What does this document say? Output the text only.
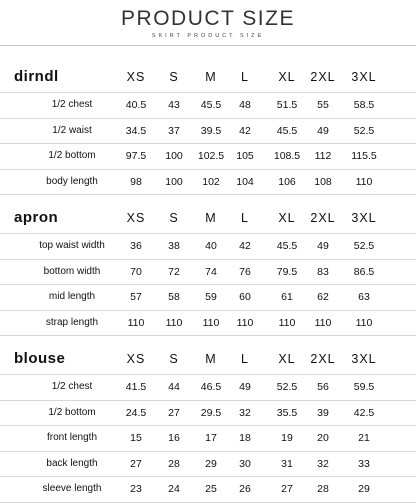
PRODUCT SIZE
SKIRT PRODUCT SIZE
dirndl	XS	S	M	L	XL	2XL	3XL
1/2 chest	40.5	43	45.5	48	51.5	55	58.5
1/2 waist	34.5	37	39.5	42	45.5	49	52.5
1/2 bottom	97.5	100	102.5	105	108.5	112	115.5
body length	98	100	102	104	106	108	110
apron	XS	S	M	L	XL	2XL	3XL
top waist width	36	38	40	42	45.5	49	52.5
bottom width	70	72	74	76	79.5	83	86.5
mid length	57	58	59	60	61	62	63
strap length	110	110	110	110	110	110	110
blouse	XS	S	M	L	XL	2XL	3XL
1/2 chest	41.5	44	46.5	49	52.5	56	59.5
1/2 bottom	24.5	27	29.5	32	35.5	39	42.5
front length	15	16	17	18	19	20	21
back length	27	28	29	30	31	32	33
sleeve length	23	24	25	26	27	28	29
